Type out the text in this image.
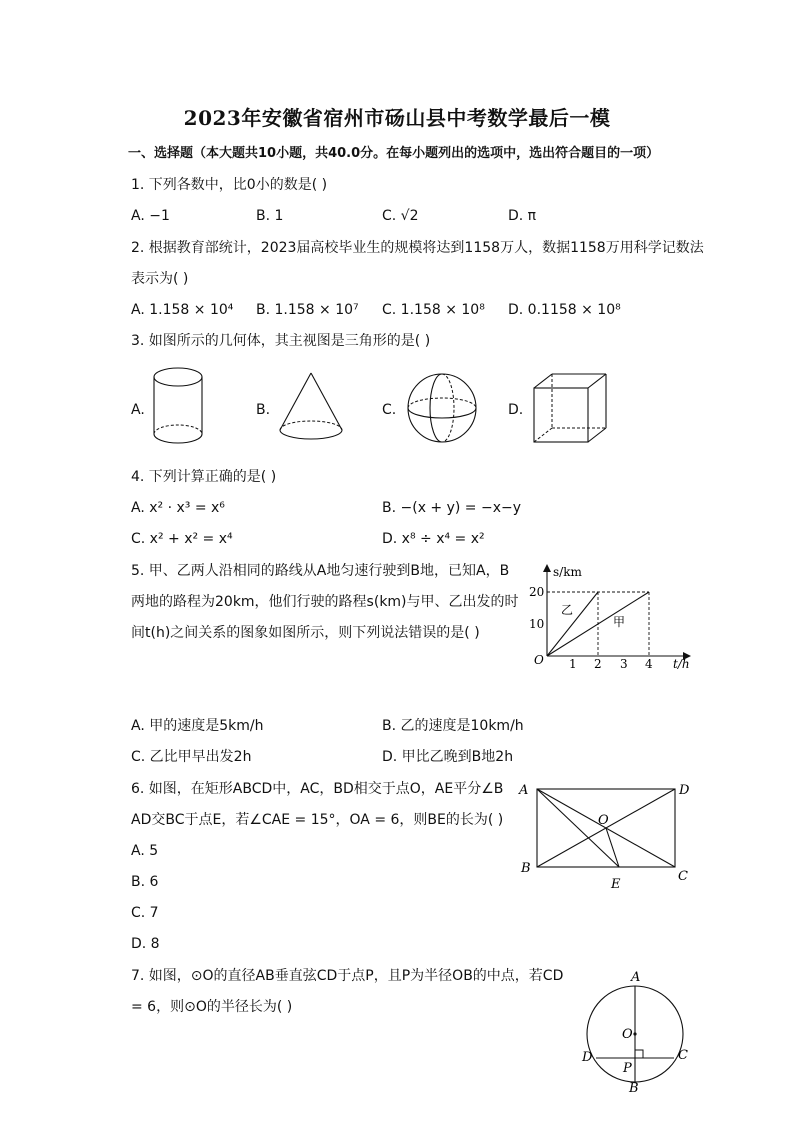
2023年安徽省宿州市砀山县中考数学最后一模
一、选择题（本大题共10小题，共40.0分。在每小题列出的选项中，选出符合题目的一项）
1. 下列各数中，比0小的数是( )
A. −1	B. 1	C. √2	D. π
2. 根据教育部统计，2023届高校毕业生的规模将达到1158万人，数据1158万用科学记数法
表示为( )
A. 1.158 × 10⁴ B. 1.158 × 10⁷ C. 1.158 × 10⁸ D. 0.1158 × 10⁸
3. 如图所示的几何体，其主视图是三角形的是( )
A.	B.	C.	D.
4. 下列计算正确的是( )
A. x² · x³ = x⁶	B. −(x + y) = −x−y
C. x² + x² = x⁴	D. x⁸ ÷ x⁴ = x²
5. 甲、乙两人沿相同的路线从A地匀速行驶到B地，已知A，B
两地的路程为20km，他们行驶的路程s(km)与甲、乙出发的时
间t(h)之间关系的图象如图所示，则下列说法错误的是( )
A. 甲的速度是5km/h	B. 乙的速度是10km/h
C. 乙比甲早出发2h	D. 甲比乙晚到B地2h
s/km
t/h
O
20
10
1 2 3 4
乙
甲
6. 如图，在矩形ABCD中，AC，BD相交于点O，AE平分∠B
AD交BC于点E，若∠CAE = 15°，OA = 6，则BE的长为( )
A. 5
B. 6
C. 7
D. 8
A	D
B
C
O
E
7. 如图，⊙O的直径AB垂直弦CD于点P，且P为半径OB的中点，若CD
= 6，则⊙O的半径长为( )
A
O
D	C
P
B
